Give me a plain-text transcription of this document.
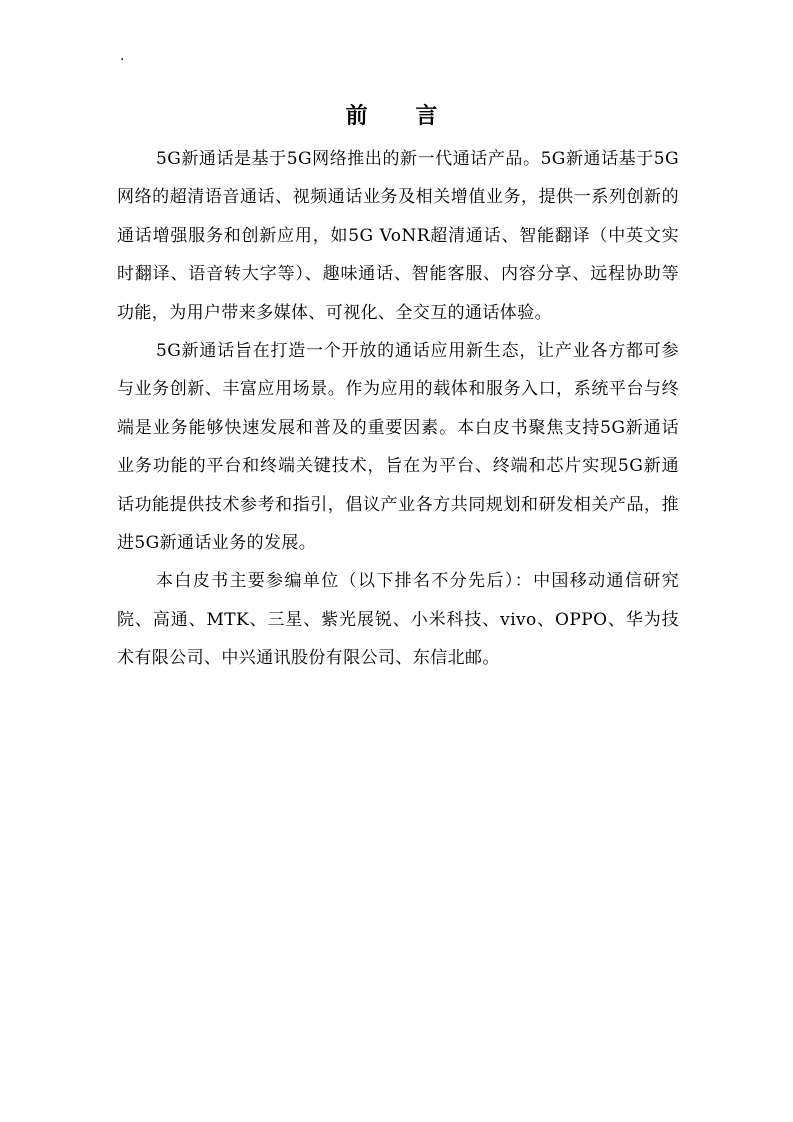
·
前 言

5G新通话是基于5G网络推出的新一代通话产品。5G新通话基于5G网络的超清语音通话、视频通话业务及相关增值业务，提供一系列创新的通话增强服务和创新应用，如5G VoNR超清通话、智能翻译（中英文实时翻译、语音转大字等）、趣味通话、智能客服、内容分享、远程协助等功能，为用户带来多媒体、可视化、全交互的通话体验。

5G新通话旨在打造一个开放的通话应用新生态，让产业各方都可参与业务创新、丰富应用场景。作为应用的载体和服务入口，系统平台与终端是业务能够快速发展和普及的重要因素。本白皮书聚焦支持5G新通话业务功能的平台和终端关键技术，旨在为平台、终端和芯片实现5G新通话功能提供技术参考和指引，倡议产业各方共同规划和研发相关产品，推进5G新通话业务的发展。

本白皮书主要参编单位（以下排名不分先后）：中国移动通信研究院、高通、MTK、三星、紫光展锐、小米科技、vivo、OPPO、华为技术有限公司、中兴通讯股份有限公司、东信北邮。
